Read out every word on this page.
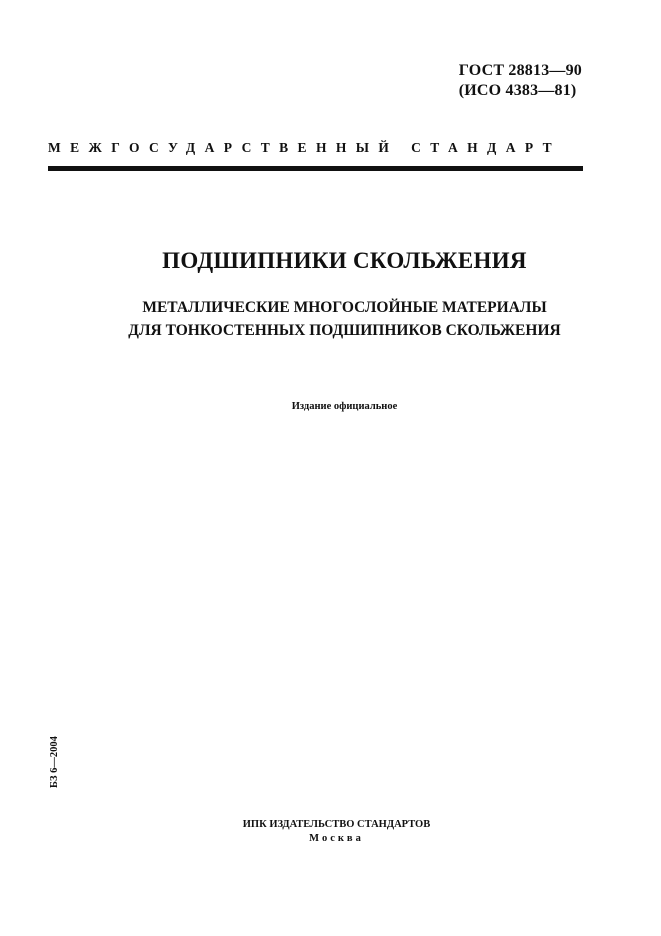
ГОСТ 28813—90
(ИСО 4383—81)
МЕЖГОСУДАРСТВЕННЫЙ СТАНДАРТ
ПОДШИПНИКИ СКОЛЬЖЕНИЯ
МЕТАЛЛИЧЕСКИЕ МНОГОСЛОЙНЫЕ МАТЕРИАЛЫ
ДЛЯ ТОНКОСТЕННЫХ ПОДШИПНИКОВ СКОЛЬЖЕНИЯ
Издание официальное
БЗ 6—2004
ИПК ИЗДАТЕЛЬСТВО СТАНДАРТОВ
Москва
